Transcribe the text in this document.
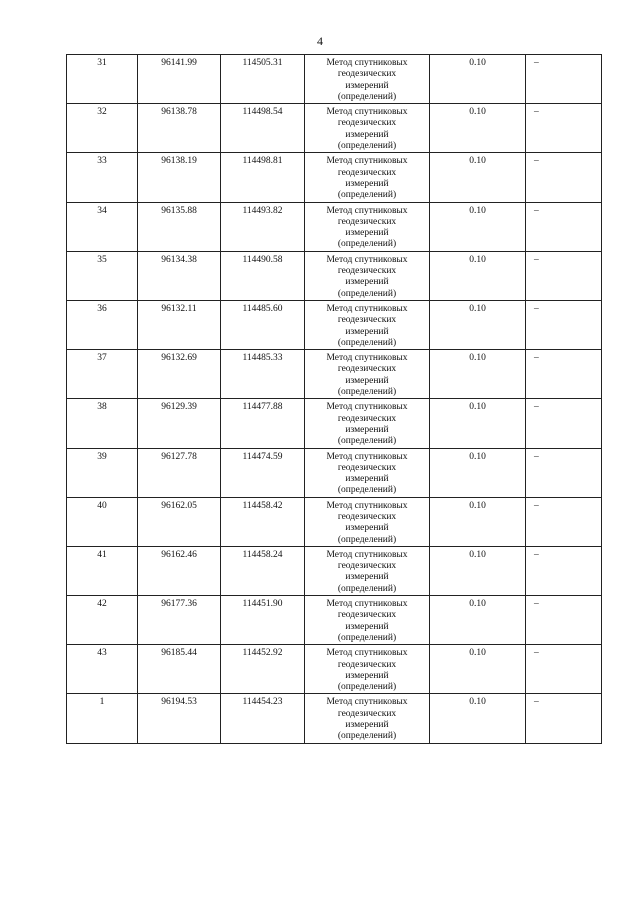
4
31	96141.99	114505.31	Метод спутниковых
геодезических
измерений
(определений)	0.10	–
32	96138.78	114498.54	Метод спутниковых
геодезических
измерений
(определений)	0.10	–
33	96138.19	114498.81	Метод спутниковых
геодезических
измерений
(определений)	0.10	–
34	96135.88	114493.82	Метод спутниковых
геодезических
измерений
(определений)	0.10	–
35	96134.38	114490.58	Метод спутниковых
геодезических
измерений
(определений)	0.10	–
36	96132.11	114485.60	Метод спутниковых
геодезических
измерений
(определений)	0.10	–
37	96132.69	114485.33	Метод спутниковых
геодезических
измерений
(определений)	0.10	–
38	96129.39	114477.88	Метод спутниковых
геодезических
измерений
(определений)	0.10	–
39	96127.78	114474.59	Метод спутниковых
геодезических
измерений
(определений)	0.10	–
40	96162.05	114458.42	Метод спутниковых
геодезических
измерений
(определений)	0.10	–
41	96162.46	114458.24	Метод спутниковых
геодезических
измерений
(определений)	0.10	–
42	96177.36	114451.90	Метод спутниковых
геодезических
измерений
(определений)	0.10	–
43	96185.44	114452.92	Метод спутниковых
геодезических
измерений
(определений)	0.10	–
1	96194.53	114454.23	Метод спутниковых
геодезических
измерений
(определений)	0.10	–
